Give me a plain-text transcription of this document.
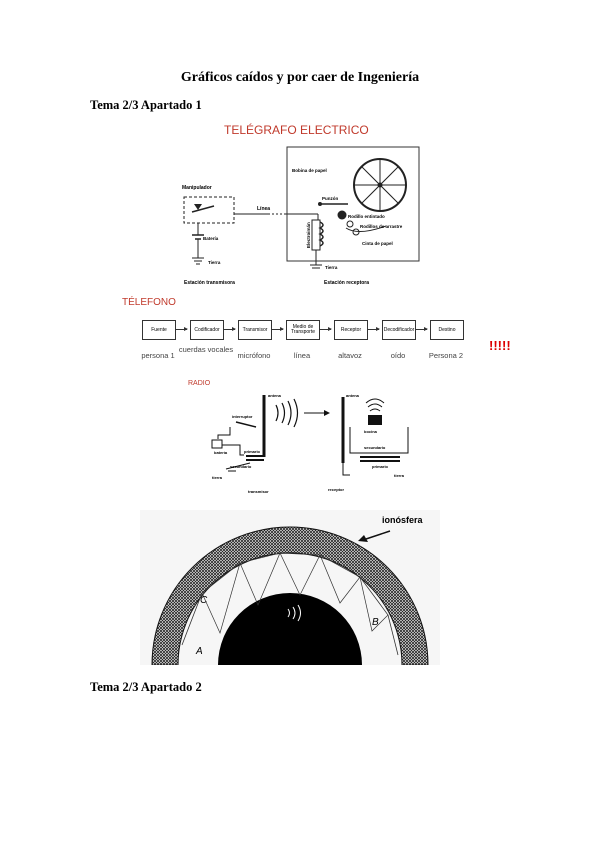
Gráficos caídos y por caer de Ingeniería
Tema 2/3 Apartado 1
TELÉGRAFO ELECTRICO
Manipulador
Línea
Batería
Tierra
Estación transmisora
Bobina de papel
Punzón
Rodillo entintado
Rodillos de arrastre
Cinta de papel
Electroimán
Tierra
Estación receptora
TÉLEFONO
Fuente	Codificador	Transmisor	Medio de Transporte	Receptor	Decodificador	Destino
persona 1
cuerdas vocales
micrófono	línea	altavoz	oído	Persona 2
!!!!!
RADIO
antena
interruptor
batería	primario
secundario
tierra
transmisor
antena
bocina
secundario
primario
tierra
receptor
ionósfera
A
B
C
Tema 2/3 Apartado 2
